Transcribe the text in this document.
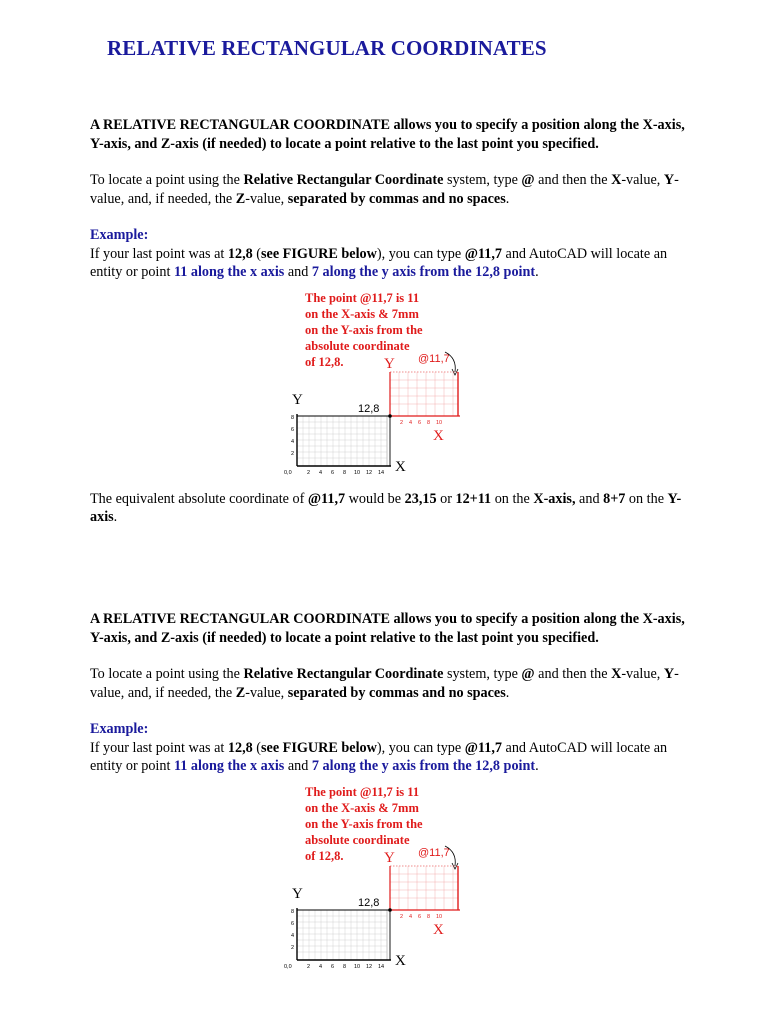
RELATIVE RECTANGULAR COORDINATES

A RELATIVE RECTANGULAR COORDINATE allows you to specify a position along the X-axis, Y-axis, and Z-axis (if needed) to locate a point relative to the last point you specified.

To locate a point using the Relative Rectangular Coordinate system, type @ and then the X-value, Y-value, and, if needed, the Z-value, separated by commas and no spaces.

Example:

If your last point was at 12,8 (see FIGURE below), you can type @11,7 and AutoCAD will locate an entity or point 11 along the x axis and 7 along the y axis from the 12,8 point.

The point @11,7 is 11
on the X-axis & 7mm
on the Y-axis from the
absolute coordinate
of 12,8.	Y @11,7
2 4 6 8 10
X
Y
12,8
2
4
6
8
0,0	2 4 6 8 10 12 14 X

The equivalent absolute coordinate of @11,7 would be 23,15 or 12+11 on the X-axis, and 8+7 on the Y-axis.

A RELATIVE RECTANGULAR COORDINATE allows you to specify a position along the X-axis, Y-axis, and Z-axis (if needed) to locate a point relative to the last point you specified.

To locate a point using the Relative Rectangular Coordinate system, type @ and then the X-value, Y-value, and, if needed, the Z-value, separated by commas and no spaces.

Example:

If your last point was at 12,8 (see FIGURE below), you can type @11,7 and AutoCAD will locate an entity or point 11 along the x axis and 7 along the y axis from the 12,8 point.

The point @11,7 is 11
on the X-axis & 7mm
on the Y-axis from the
absolute coordinate
of 12,8.	Y @11,7
2 4 6 8 10
X
Y
12,8
2
4
6
8
0,0	2 4 6 8 10 12 14 X
